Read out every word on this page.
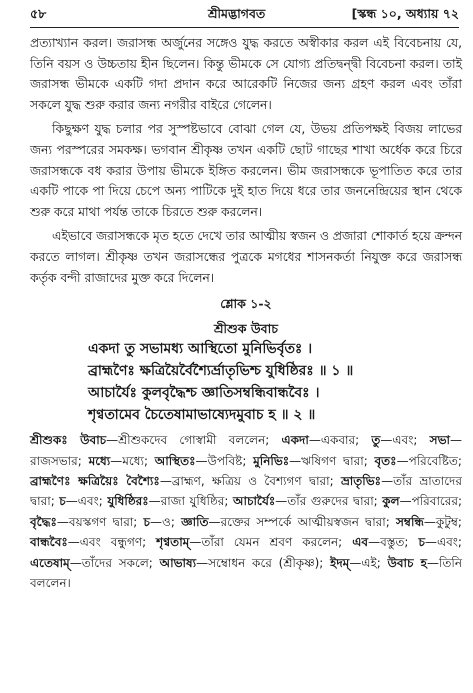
৫৮	শ্রীমদ্ভাগবত	[স্কন্ধ ১০, অধ্যায় ৭২

প্রত্যাখ্যান করল। জরাসন্ধ অর্জুনের সঙ্গেও যুদ্ধ করতে অস্বীকার করল এই বিবেচনায় যে, তিনি বয়স ও উচ্চতায় হীন ছিলেন। কিন্তু ভীমকে সে যোগ্য প্রতিদ্বন্দ্বী বিবেচনা করল। তাই জরাসন্ধ ভীমকে একটি গদা প্রদান করে আরেকটি নিজের জন্য গ্রহণ করল এবং তাঁরা সকলে যুদ্ধ শুরু করার জন্য নগরীর বাইরে গেলেন।

কিছুক্ষণ যুদ্ধ চলার পর সুস্পষ্টভাবে বোঝা গেল যে, উভয় প্রতিপক্ষই বিজয় লাভের জন্য পরস্পরের সমকক্ষ। ভগবান শ্রীকৃষ্ণ তখন একটি ছোট গাছের শাখা অর্ধেক করে চিরে জরাসন্ধকে বধ করার উপায় ভীমকে ইঙ্গিত করলেন। ভীম জরাসন্ধকে ভূপাতিত করে তার একটি পাকে পা দিয়ে চেপে অন্য পাটিকে দুই হাত দিয়ে ধরে তার জননেন্দ্রিয়ের স্থান থেকে শুরু করে মাথা পর্যন্ত তাকে চিরতে শুরু করলেন।

এইভাবে জরাসন্ধকে মৃত হতে দেখে তার আত্মীয় স্বজন ও প্রজারা শোকার্ত হয়ে ক্রন্দন করতে লাগল। শ্রীকৃষ্ণ তখন জরাসন্ধের পুত্রকে মগধের শাসনকর্তা নিযুক্ত করে জরাসন্ধ কর্তৃক বন্দী রাজাদের মুক্ত করে দিলেন।

শ্লোক ১-২
শ্রীশুক উবাচ
একদা তু সভামধ্য আস্থিতো মুনিভির্বৃতঃ ।
ব্রাহ্মণৈঃ ক্ষত্রিয়ৈর্বৈশ্যৈর্ভ্রাতৃভিশ্চ যুধিষ্ঠিরঃ ॥ ১ ॥
আচার্যৈঃ কুলবৃদ্ধৈশ্চ জ্ঞাতিসম্বন্ধিবান্ধবৈঃ ।
শৃণ্বতামেব চৈতেষামাভাষ্যেদমুবাচ হ ॥ ২ ॥
শ্রীশুকঃ উবাচ—শ্রীশুকদেব গোস্বামী বললেন; একদা—একবার; তু—এবং; সভা—রাজসভার; মধ্যে—মধ্যে; আস্থিতঃ—উপবিষ্ট; মুনিভিঃ—ঋষিগণ দ্বারা; বৃতঃ—পরিবেষ্টিত; ব্রাহ্মণৈঃ ক্ষত্রিয়ৈঃ বৈশ্যৈঃ—ব্রাহ্মণ, ক্ষত্রিয় ও বৈশ্যগণ দ্বারা; ভ্রাতৃভিঃ—তাঁর ভ্রাতাদের দ্বারা; চ—এবং; যুধিষ্ঠিরঃ—রাজা যুধিষ্ঠির; আচার্যৈঃ—তাঁর গুরুদের দ্বারা; কুল—পরিবারের; বৃদ্ধৈঃ—বয়স্কগণ দ্বারা; চ—ও; জ্ঞাতি—রক্তের সম্পর্কে আত্মীয়স্বজন দ্বারা; সম্বন্ধি—কুটুম্ব; বান্ধবৈঃ—এবং বন্ধুগণ; শৃণ্বতাম্—তাঁরা যেমন শ্রবণ করলেন; এব—বস্তুত; চ—এবং; এতেষাম্—তাঁদের সকলে; আভাষ্য—সম্বোধন করে (শ্রীকৃষ্ণ); ইদম্—এই; উবাচ হ—তিনি বললেন।
